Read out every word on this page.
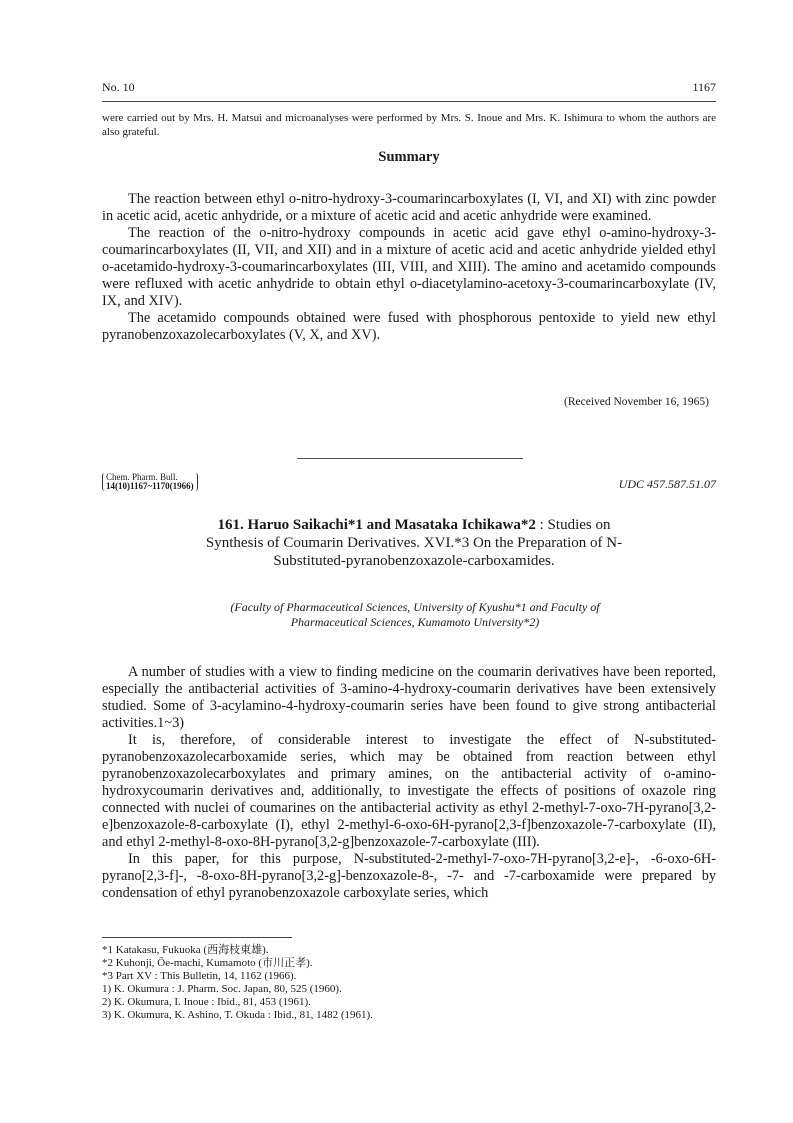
No. 10	1167
were carried out by Mrs. H. Matsui and microanalyses were performed by Mrs. S. Inoue and Mrs. K. Ishimura to whom the authors are also grateful.
Summary

The reaction between ethyl o-nitro-hydroxy-3-coumarincarboxylates (I, VI, and XI) with zinc powder in acetic acid, acetic anhydride, or a mixture of acetic acid and acetic anhydride were examined.

The reaction of the o-nitro-hydroxy compounds in acetic acid gave ethyl o-amino-hydroxy-3-coumarincarboxylates (II, VII, and XII) and in a mixture of acetic acid and acetic anhydride yielded ethyl o-acetamido-hydroxy-3-coumarincarboxylates (III, VIII, and XIII). The amino and acetamido compounds were refluxed with acetic anhydride to obtain ethyl o-diacetylamino-acetoxy-3-coumarincarboxylate (IV, IX, and XIV).

The acetamido compounds obtained were fused with phosphorous pentoxide to yield new ethyl pyranobenzoxazolecarboxylates (V, X, and XV).

(Received November 16, 1965)
Chem. Pharm. Bull.
14(10)1167~1170(1966)	UDC 457.587.51.07
161. Haruo Saikachi*1 and Masataka Ichikawa*2 : Studies on Synthesis of Coumarin Derivatives. XVI.*3 On the Preparation of N-Substituted-pyranobenzoxazole-carboxamides.
(Faculty of Pharmaceutical Sciences, University of Kyushu*1 and Faculty of Pharmaceutical Sciences, Kumamoto University*2)

A number of studies with a view to finding medicine on the coumarin derivatives have been reported, especially the antibacterial activities of 3-amino-4-hydroxy-coumarin derivatives have been extensively studied. Some of 3-acylamino-4-hydroxy-coumarin series have been found to give strong antibacterial activities.1~3)

It is, therefore, of considerable interest to investigate the effect of N-substituted-pyranobenzoxazolecarboxamide series, which may be obtained from reaction between ethyl pyranobenzoxazolecarboxylates and primary amines, on the antibacterial activity of o-amino-hydroxycoumarin derivatives and, additionally, to investigate the effects of positions of oxazole ring connected with nuclei of coumarines on the antibacterial activity as ethyl 2-methyl-7-oxo-7H-pyrano[3,2-e]benzoxazole-8-carboxylate (I), ethyl 2-methyl-6-oxo-6H-pyrano[2,3-f]benzoxazole-7-carboxylate (II), and ethyl 2-methyl-8-oxo-8H-pyrano[3,2-g]benzoxazole-7-carboxylate (III).

In this paper, for this purpose, N-substituted-2-methyl-7-oxo-7H-pyrano[3,2-e]-, -6-oxo-6H-pyrano[2,3-f]-, -8-oxo-8H-pyrano[3,2-g]-benzoxazole-8-, -7- and -7-carboxamide were prepared by condensation of ethyl pyranobenzoxazole carboxylate series, which

*1 Katakasu, Fukuoka (西海枝東雄).
*2 Kuhonji, Ōe-machi, Kumamoto (市川正孝).
*3 Part XV : This Bulletin, 14, 1162 (1966).
1) K. Okumura : J. Pharm. Soc. Japan, 80, 525 (1960).
2) K. Okumura, I. Inoue : Ibid., 81, 453 (1961).
3) K. Okumura, K. Ashino, T. Okuda : Ibid., 81, 1482 (1961).
